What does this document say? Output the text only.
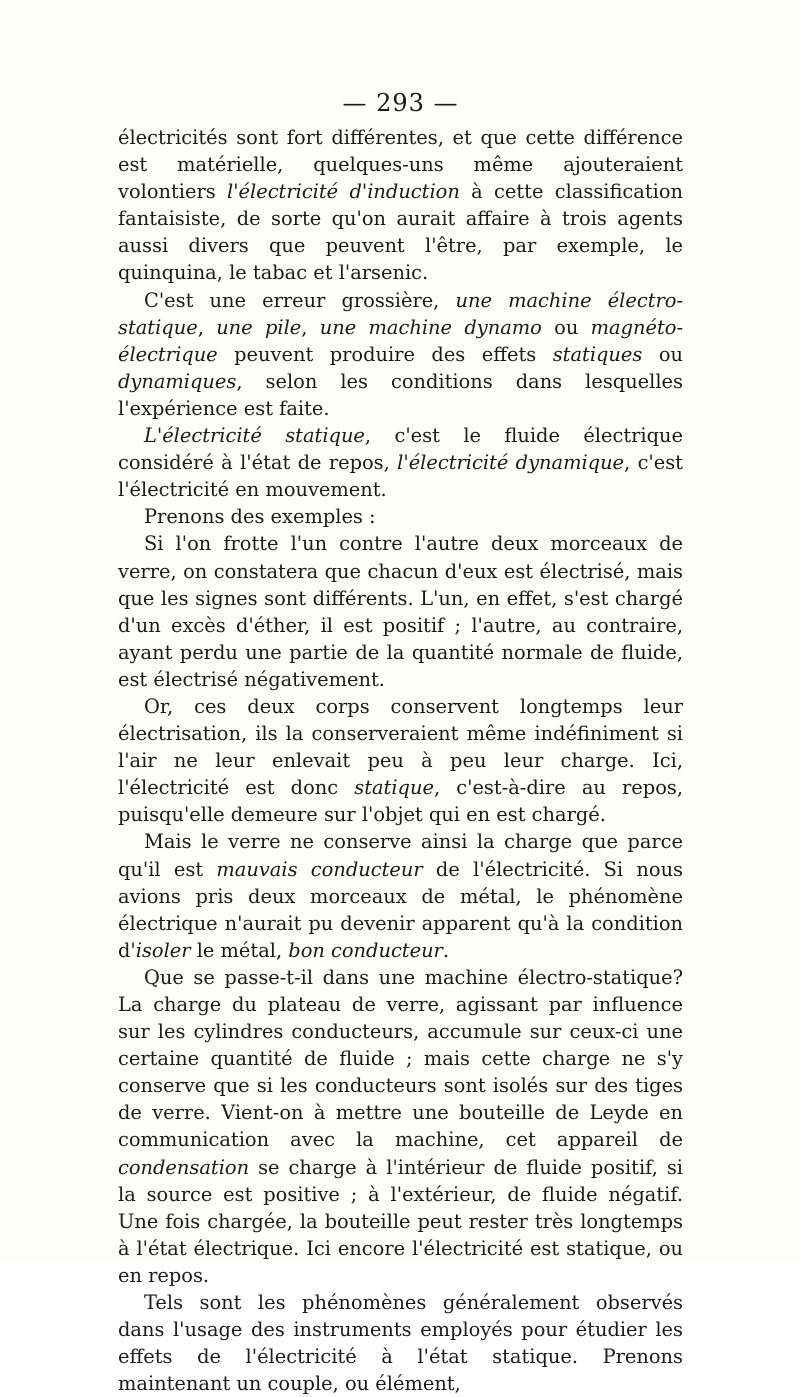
— 293 —

électricités sont fort différentes, et que cette différence est matérielle, quelques-uns même ajouteraient volontiers l'électricité d'induction à cette classification fantaisiste, de sorte qu'on aurait affaire à trois agents aussi divers que peuvent l'être, par exemple, le quinquina, le tabac et l'arsenic.

C'est une erreur grossière, une machine électro-statique, une pile, une machine dynamo ou magnéto-électrique peuvent produire des effets statiques ou dynamiques, selon les conditions dans lesquelles l'expérience est faite.

L'électricité statique, c'est le fluide électrique considéré à l'état de repos, l'électricité dynamique, c'est l'électricité en mouvement.

Prenons des exemples :

Si l'on frotte l'un contre l'autre deux morceaux de verre, on constatera que chacun d'eux est électrisé, mais que les signes sont différents. L'un, en effet, s'est chargé d'un excès d'éther, il est positif ; l'autre, au contraire, ayant perdu une partie de la quantité normale de fluide, est électrisé négativement.

Or, ces deux corps conservent longtemps leur électrisation, ils la conserveraient même indéfiniment si l'air ne leur enlevait peu à peu leur charge. Ici, l'électricité est donc statique, c'est-à-dire au repos, puisqu'elle demeure sur l'objet qui en est chargé.

Mais le verre ne conserve ainsi la charge que parce qu'il est mauvais conducteur de l'électricité. Si nous avions pris deux morceaux de métal, le phénomène électrique n'aurait pu devenir apparent qu'à la condition d'isoler le métal, bon conducteur.

Que se passe-t-il dans une machine électro-statique? La charge du plateau de verre, agissant par influence sur les cylindres conducteurs, accumule sur ceux-ci une certaine quantité de fluide ; mais cette charge ne s'y conserve que si les conducteurs sont isolés sur des tiges de verre. Vient-on à mettre une bouteille de Leyde en communication avec la machine, cet appareil de condensation se charge à l'intérieur de fluide positif, si la source est positive ; à l'extérieur, de fluide négatif. Une fois chargée, la bouteille peut rester très longtemps à l'état électrique. Ici encore l'électricité est statique, ou en repos.

Tels sont les phénomènes généralement observés dans l'usage des instruments employés pour étudier les effets de l'électricité à l'état statique. Prenons maintenant un couple, ou élément,
